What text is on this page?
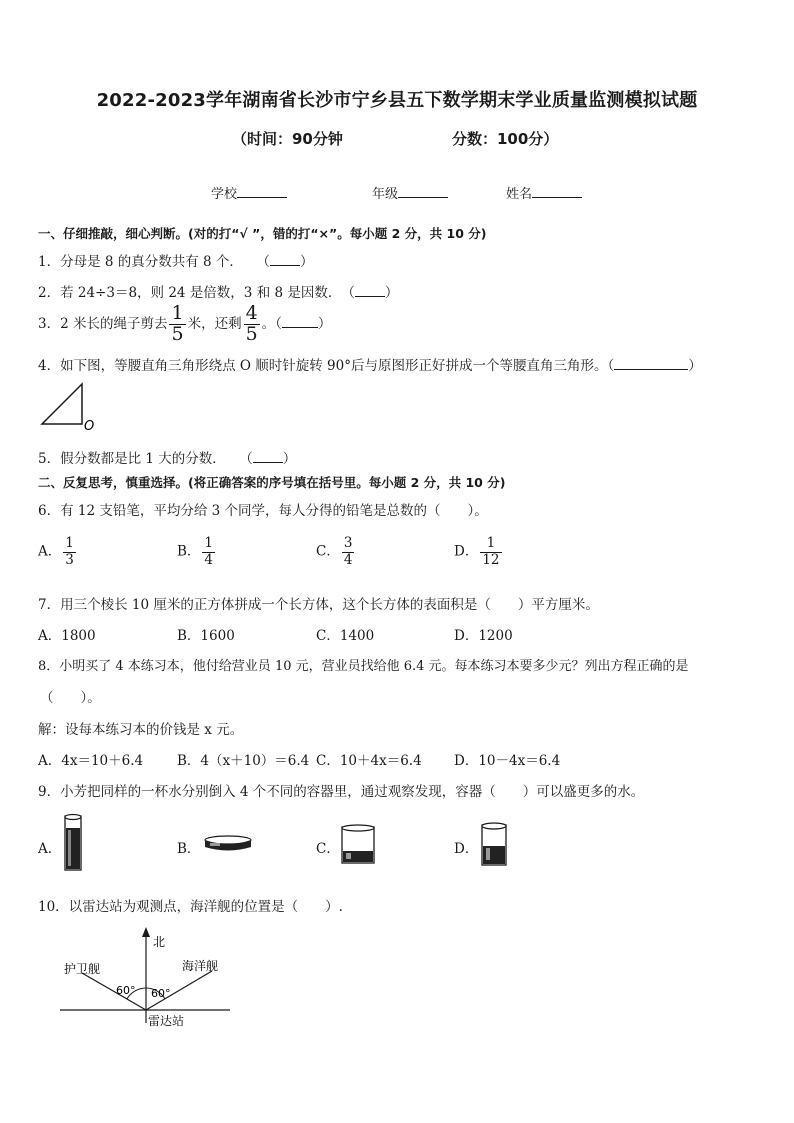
2022-2023学年湖南省长沙市宁乡县五下数学期末学业质量监测模拟试题
（时间：90分钟	分数：100分）
学校	年级	姓名
一、仔细推敲，细心判断。(对的打“√ ”，错的打“×”。每小题 2 分，共 10 分)
1．分母是 8 的真分数共有 8 个．　　（ ）
2．若 24÷3＝8，则 24 是倍数，3 和 8 是因数．　（ ）
3．2 米长的绳子剪去 $\frac{1}{5}$ 米，还剩 $\frac{4}{5}$ 。（	）
4．如下图，等腰直角三角形绕点 O 顺时针旋转 90°后与原图形正好拼成一个等腰直角三角形。（	）
O
5．假分数都是比 1 大的分数．　　（ ）
二、反复思考，慎重选择。(将正确答案的序号填在括号里。每小题 2 分，共 10 分)
6．有 12 支铅笔，平均分给 3 个同学，每人分得的铅笔是总数的（　　）。
A． $\frac{1}{3}$	B． $\frac{1}{4}$	C． $\frac{3}{4}$	D． $\frac{1}{12}$
7．用三个棱长 10 厘米的正方体拼成一个长方体，这个长方体的表面积是（　　）平方厘米。
A．1800	B．1600	C．1400	D．1200
8．小明买了 4 本练习本，他付给营业员 10 元，营业员找给他 6.4 元。每本练习本要多少元？列出方程正确的是
（　　）。
解：设每本练习本的价钱是 x 元。
A．4x＝10＋6.4	B．4（x＋10）＝6.4 C．10＋4x＝6.4 D．10－4x＝6.4
9．小芳把同样的一杯水分别倒入 4 个不同的容器里，通过观察发现，容器（　　）可以盛更多的水。
A．	B．	C．	D．
10．以雷达站为观测点，海洋舰的位置是（　　）.
北
护卫舰	海洋舰
60° 60°
雷达站
